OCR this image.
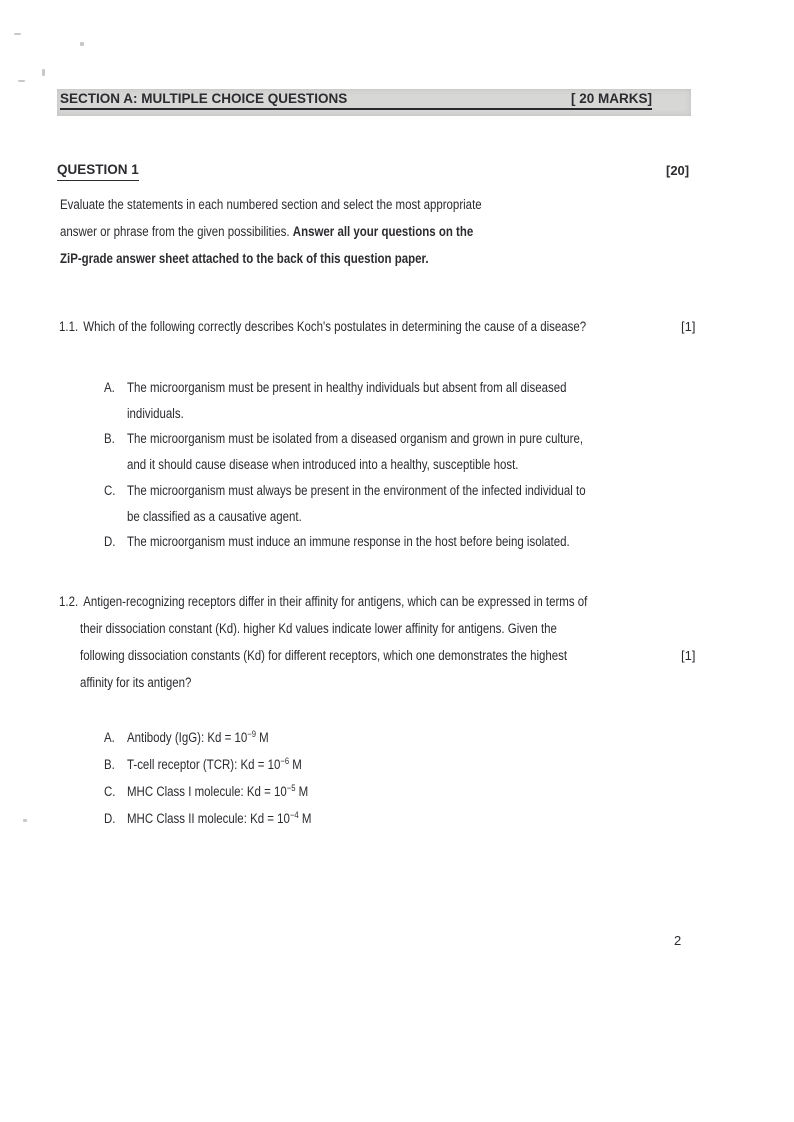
SECTION A: MULTIPLE CHOICE QUESTIONS	[ 20 MARKS]
QUESTION 1	[20]
Evaluate the statements in each numbered section and select the most appropriate
answer or phrase from the given possibilities. Answer all your questions on the
ZiP-grade answer sheet attached to the back of this question paper.
1.1. Which of the following correctly describes Koch's postulates in determining the cause of a disease?	[1]
A. The microorganism must be present in healthy individuals but absent from all diseased
individuals.
B. The microorganism must be isolated from a diseased organism and grown in pure culture,
and it should cause disease when introduced into a healthy, susceptible host.
C. The microorganism must always be present in the environment of the infected individual to
be classified as a causative agent.
D. The microorganism must induce an immune response in the host before being isolated.
1.2. Antigen-recognizing receptors differ in their affinity for antigens, which can be expressed in terms of
their dissociation constant (Kd). higher Kd values indicate lower affinity for antigens. Given the
following dissociation constants (Kd) for different receptors, which one demonstrates the highest
affinity for its antigen?
[1]
A. Antibody (IgG): $Kd = 10^{-9}$ M
B. T-cell receptor (TCR): $Kd = 10^{-6}$ M
C. MHC Class I molecule: $Kd = 10^{-5}$ M
D. MHC Class II molecule: $Kd = 10^{-4}$ M
2
